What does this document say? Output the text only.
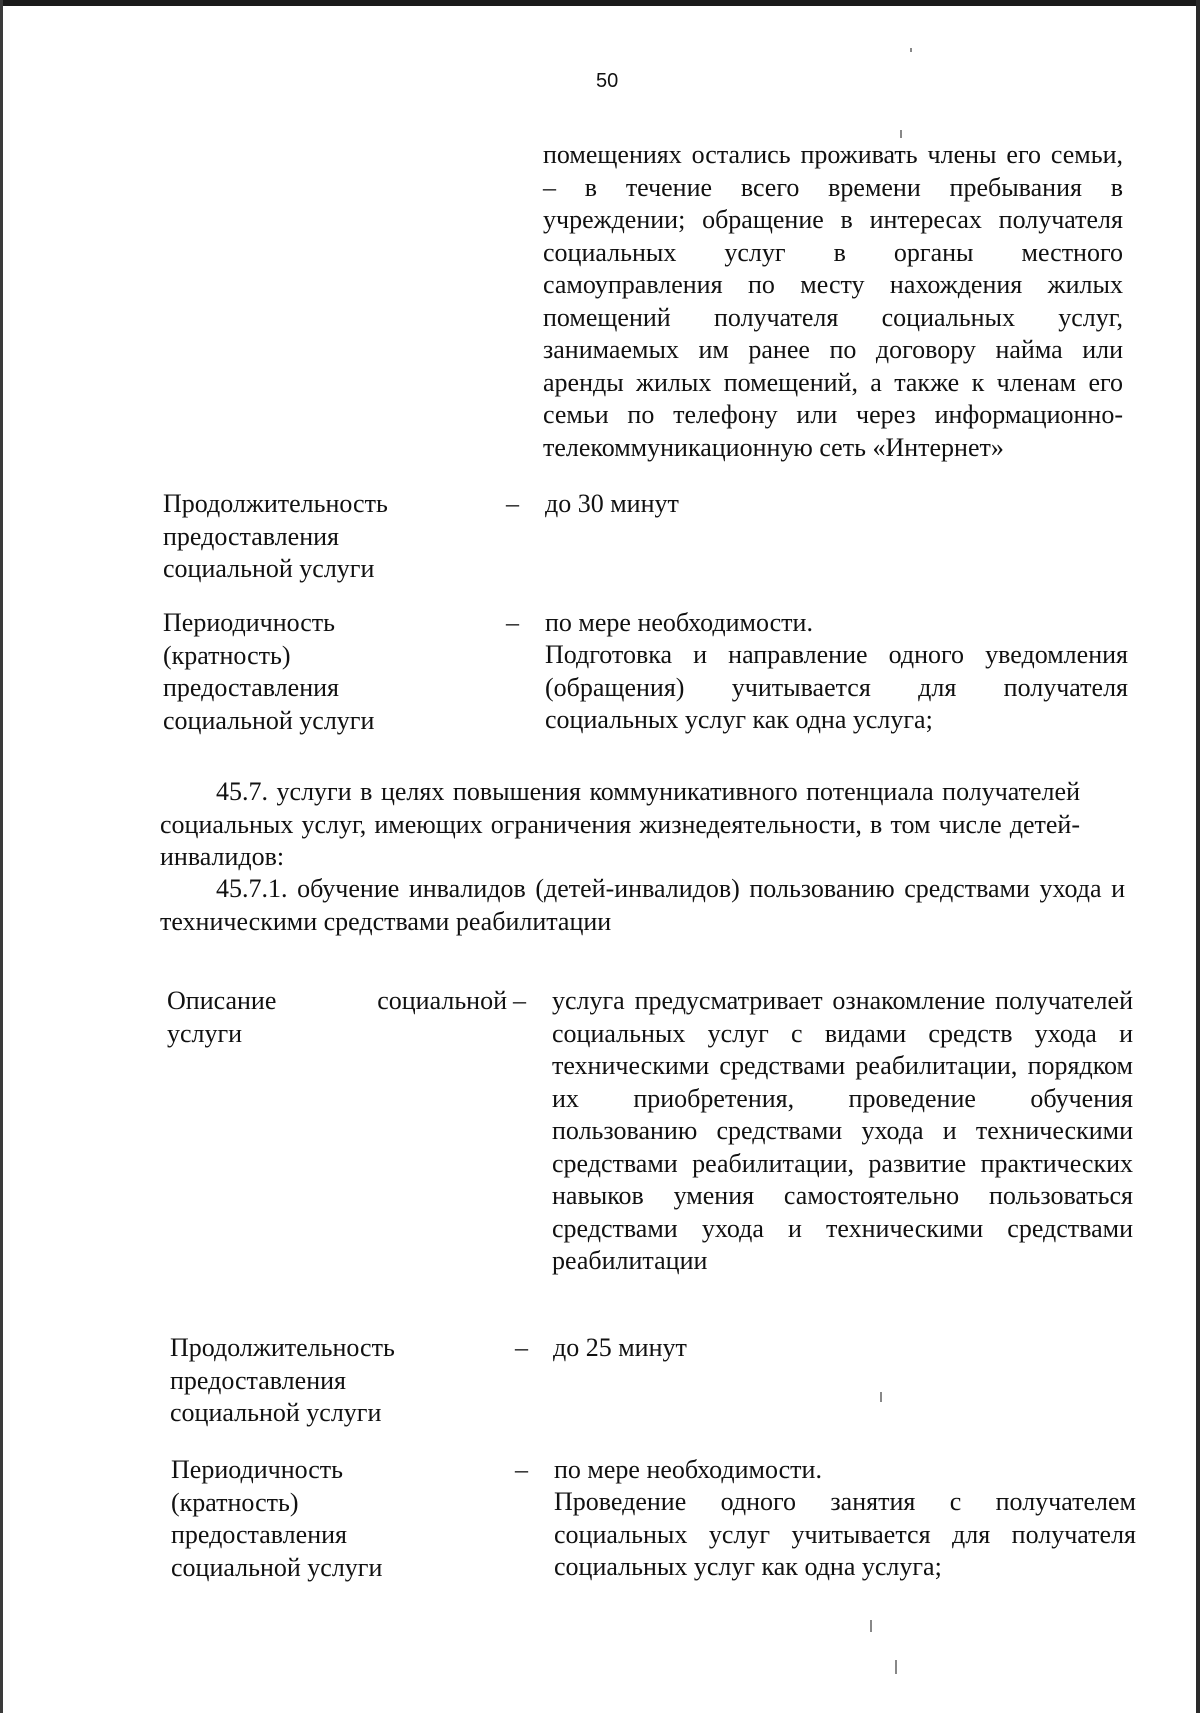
50

помещениях остались проживать члены его семьи, – в течение всего времени пребывания в учреждении; обращение в интересах получателя социальных услуг в органы местного самоуправления по месту нахождения жилых помещений получателя социальных услуг, занимаемых им ранее по договору найма или аренды жилых помещений, а также к членам его семьи по телефону или через информационно-телекоммуникационную сеть «Интернет»

Продолжительность предоставления социальной услуги
– до 30 минут
Периодичность (кратность) предоставления социальной услуги
– по мере необходимости.

Подготовка и направление одного уведомления (обращения) учитывается для получателя социальных услуг как одна услуга;

45.7. услуги в целях повышения коммуникативного потенциала получателей социальных услуг, имеющих ограничения жизнедеятельности, в том числе детей-инвалидов:

45.7.1. обучение инвалидов (детей-инвалидов) пользованию средствами ухода и техническими средствами реабилитации

Описание	социальной
услуги
– услуга предусматривает ознакомление получателей социальных услуг с видами средств ухода и техническими средствами реабилитации, порядком их приобретения, проведение обучения пользованию средствами ухода и техническими средствами реабилитации, развитие практических навыков умения самостоятельно пользоваться средствами ухода и техническими средствами реабилитации

Продолжительность предоставления социальной услуги
– до 25 минут
Периодичность (кратность) предоставления социальной услуги
– по мере необходимости.

Проведение одного занятия с получателем социальных услуг учитывается для получателя социальных услуг как одна услуга;
